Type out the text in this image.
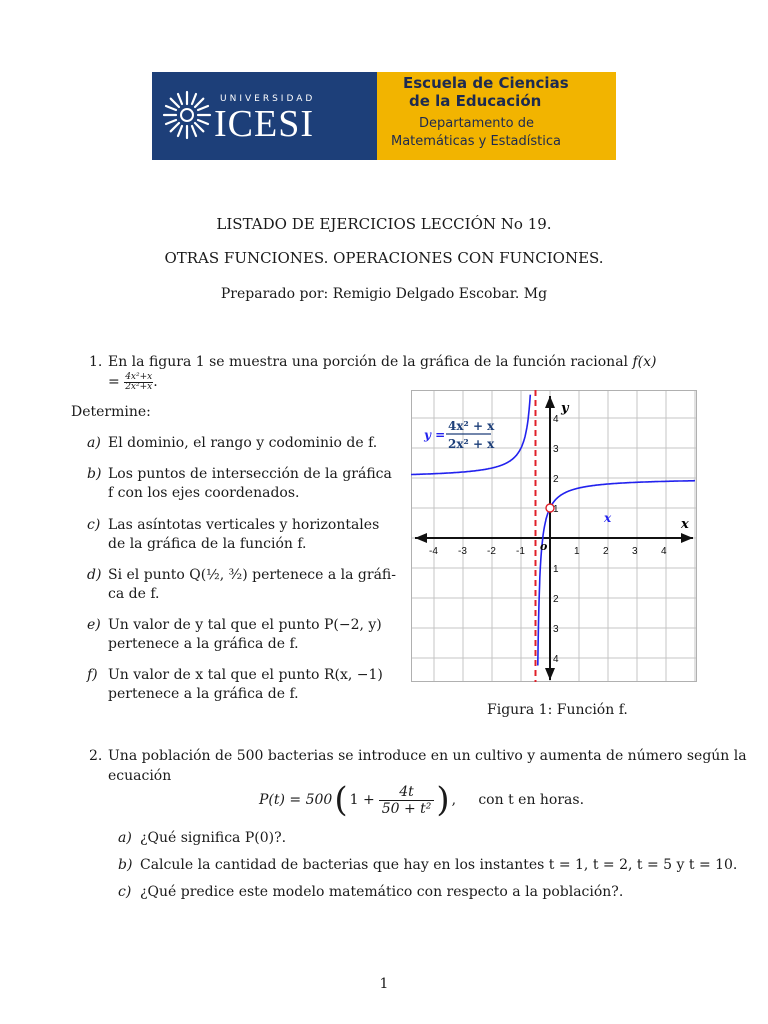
UNIVERSIDAD
ICESI
Escuela de Ciencias
de la Educación
Departamento de
Matemáticas y Estadística
LISTADO DE EJERCICIOS LECCIÓN No 19.
OTRAS FUNCIONES. OPERACIONES CON FUNCIONES.
Preparado por: Remigio Delgado Escobar. Mg
1. En la figura 1 se muestra una porción de la gráfica de la función racional $f(x) = \frac{\text{4x²+x}}{\text{2x²+x}}$ .
Determine:
a) El dominio, el rango y codominio de f.
b) Los puntos de intersección de la gráfica
f con los ejes coordenados.
c) Las asíntotas verticales y horizontales
de la gráfica de la función f.
d) Si el punto Q(½, ³⁄₂) pertenece a la gráfi-
ca de f.
e) Un valor de y tal que el punto P(−2, y)
pertenece a la gráfica de f.
f) Un valor de x tal que el punto R(x, −1)
pertenece a la gráfica de f.
-4 -3 -2 -1	1 2 3 4
4
3
2
1
1
2
3
4
y
x
o
x
y =
4x² + x
2x² + x
Figura 1: Función f.
2. Una población de 500 bacterias se introduce en un cultivo y aumenta de número según la
ecuación
P(t) = 500 ( $1 + \frac{4t}{\text{50 + t²}}$ ) ,     con t en horas.
a) ¿Qué significa P(0)?.
b) Calcule la cantidad de bacterias que hay en los instantes t = 1, t = 2, t = 5 y t = 10.
c) ¿Qué predice este modelo matemático con respecto a la población?.
1
